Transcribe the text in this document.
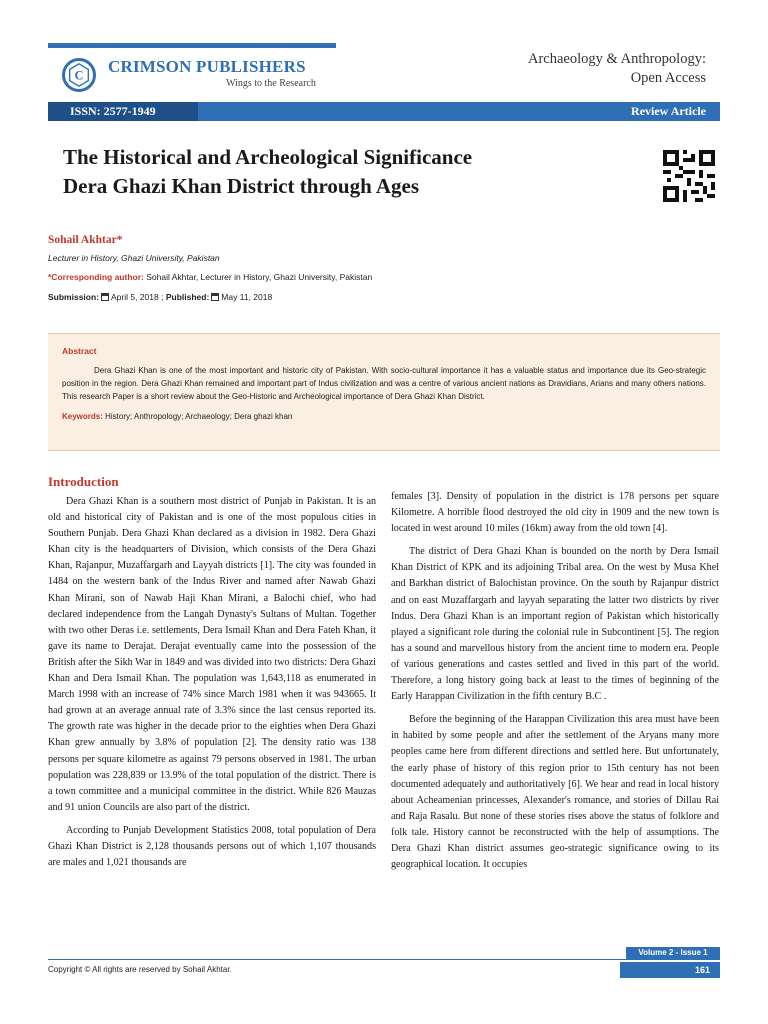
C CRIMSON PUBLISHERS
Wings to the Research
Archaeology & Anthropology:
Open Access
ISSN: 2577-1949	Review Article
The Historical and Archeological Significance
Dera Ghazi Khan District through Ages
Sohail Akhtar*
Lecturer in History, Ghazi University, Pakistan
*Corresponding author: Sohail Akhtar, Lecturer in History, Ghazi University, Pakistan
Submission: April 5, 2018 ; Published: May 11, 2018
Abstract
Dera Ghazi Khan is one of the most important and historic city of Pakistan. With socio-cultural importance it has a valuable status and importance due its Geo-strategic position in the region. Dera Ghazi Khan remained and important part of Indus civilization and was a centre of various ancient nations as Dravidians, Arians and many others nations. This research Paper is a short review about the Geo-Historic and Archeological importance of Dera Ghazi Khan District.
Keywords: History; Anthropology; Archaeology; Dera ghazi khan
Introduction

Dera Ghazi Khan is a southern most district of Punjab in Pakistan. It is an old and historical city of Pakistan and is one of the most populous cities in Southern Punjab. Dera Ghazi Khan declared as a division in 1982. Dera Ghazi Khan city is the headquarters of Division, which consists of the Dera Ghazi Khan, Rajanpur, Muzaffargarh and Layyah districts [1]. The city was founded in 1484 on the western bank of the Indus River and named after Nawab Ghazi Khan Mirani, son of Nawab Haji Khan Mirani, a Balochi chief, who had declared independence from the Langah Dynasty's Sultans of Multan. Together with two other Deras i.e. settlements, Dera Ismail Khan and Dera Fateh Khan, it gave its name to Derajat. Derajat eventually came into the possession of the British after the Sikh War in 1849 and was divided into two districts: Dera Ghazi Khan and Dera Ismail Khan. The population was 1,643,118 as enumerated in March 1998 with an increase of 74% since March 1981 when it was 943665. It had grown at an average annual rate of 3.3% since the last census reported its. The growth rate was higher in the decade prior to the eighties when Dera Ghazi Khan grew annually by 3.8% of population [2]. The density ratio was 138 persons per square kilometre as against 79 persons observed in 1981. The urban population was 228,839 or 13.9% of the total population of the district. There is a town committee and a municipal committee in the district. While 826 Mauzas and 91 union Councils are also part of the district.

According to Punjab Development Statistics 2008, total population of Dera Ghazi Khan District is 2,128 thousands persons out of which 1,107 thousands are males and 1,021 thousands are

females [3]. Density of population in the district is 178 persons per square Kilometre. A horrible flood destroyed the old city in 1909 and the new town is located in west around 10 miles (16km) away from the old town [4].

The district of Dera Ghazi Khan is bounded on the north by Dera Ismail Khan District of KPK and its adjoining Tribal area. On the west by Musa Khel and Barkhan district of Balochistan province. On the south by Rajanpur district and on east Muzaffargarh and layyah separating the latter two districts by river Indus. Dera Ghazi Khan is an important region of Pakistan which historically played a significant role during the colonial rule in Subcontinent [5]. The region has a sound and marvellous history from the ancient time to modern era. People of various generations and castes settled and lived in this part of the world. Therefore, a long history going back at least to the times of beginning of the Early Harappan Civilization in the fifth century B.C .

Before the beginning of the Harappan Civilization this area must have been in habited by some people and after the settlement of the Aryans many more peoples came here from different directions and settled here. But unfortunately, the early phase of history of this region prior to 15th century has not been documented adequately and authoritatively [6]. We hear and read in local history about Acheamenian princesses, Alexander's romance, and stories of Dillau Rai and Raja Rasalu. But none of these stories rises above the status of folklore and folk tale. History cannot be reconstructed with the help of assumptions. The Dera Ghazi Khan district assumes geo-strategic significance owing to its geographical location. It occupies

Volume 2 - Issue 1
Copyright © All rights are reserved by Sohail Akhtar.	161
